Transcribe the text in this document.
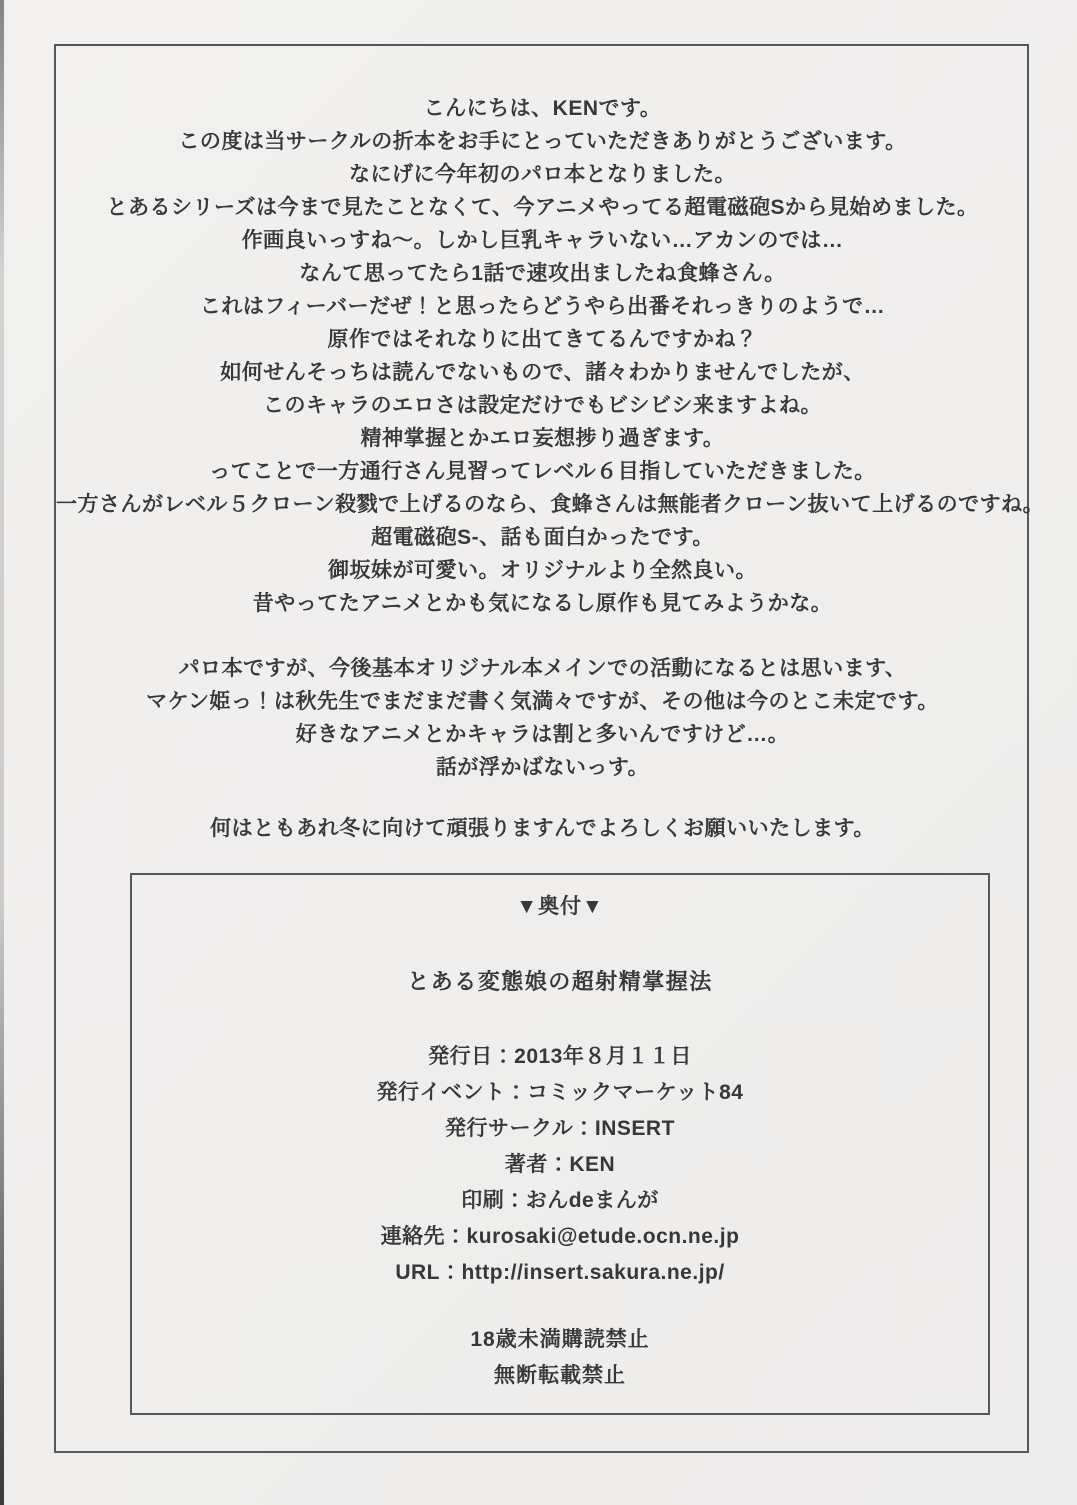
こんにちは、KENです。
この度は当サークルの折本をお手にとっていただきありがとうございます。
なにげに今年初のパロ本となりました。
とあるシリーズは今まで見たことなくて、今アニメやってる超電磁砲Sから見始めました。
作画良いっすね～。しかし巨乳キャラいない…アカンのでは…
なんて思ってたら1話で速攻出ましたね食蜂さん。
これはフィーバーだぜ！と思ったらどうやら出番それっきりのようで…
原作ではそれなりに出てきてるんですかね？
如何せんそっちは読んでないもので、諸々わかりませんでしたが、
このキャラのエロさは設定だけでもビシビシ来ますよね。
精神掌握とかエロ妄想捗り過ぎます。
ってことで一方通行さん見習ってレベル６目指していただきました。
一方さんがレベル５クローン殺戮で上げるのなら、食蜂さんは無能者クローン抜いて上げるのですね。
超電磁砲S-、話も面白かったです。
御坂妹が可愛い。オリジナルより全然良い。
昔やってたアニメとかも気になるし原作も見てみようかな。
パロ本ですが、今後基本オリジナル本メインでの活動になるとは思います、
マケン姫っ！は秋先生でまだまだ書く気満々ですが、その他は今のとこ未定です。
好きなアニメとかキャラは割と多いんですけど…。
話が浮かばないっす。
何はともあれ冬に向けて頑張りますんでよろしくお願いいたします。
▼奥付▼
とある変態娘の超射精掌握法
発行日：2013年８月１１日
発行イベント：コミックマーケット84
発行サークル：INSERT
著者：KEN
印刷：おんdeまんが
連絡先：kurosaki@etude.ocn.ne.jp
URL：http://insert.sakura.ne.jp/
18歳未満購読禁止
無断転載禁止
